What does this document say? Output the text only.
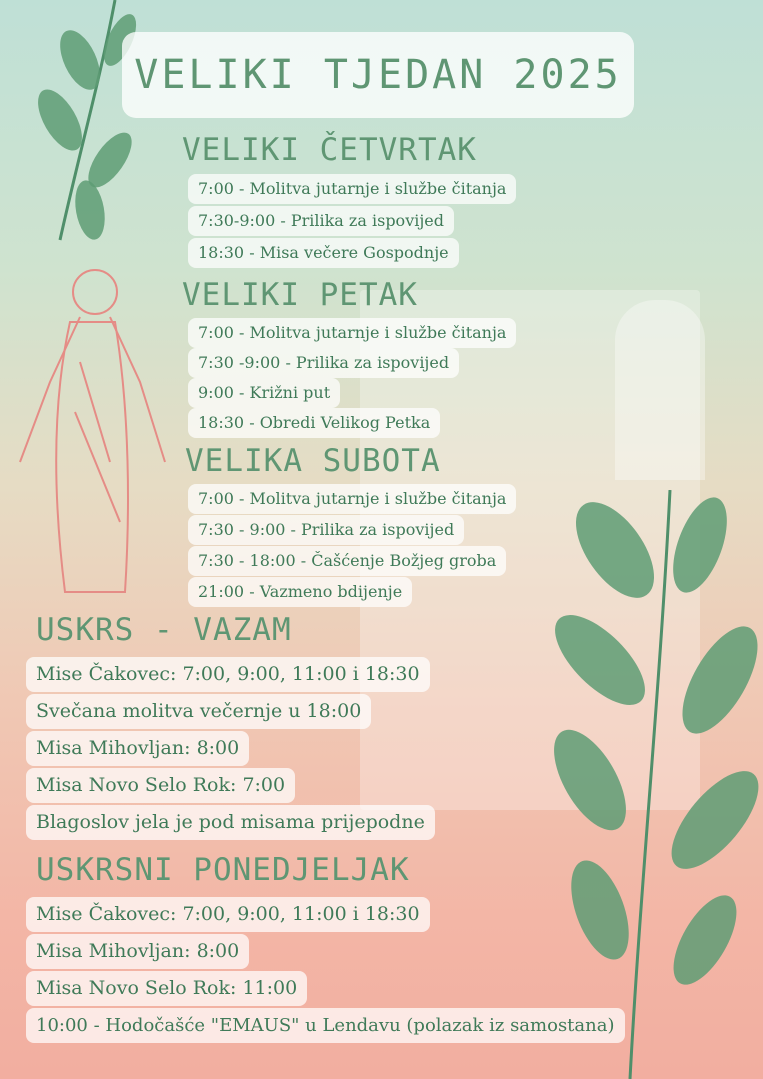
VELIKI TJEDAN 2025
VELIKI ČETVRTAK
7:00 - Molitva jutarnje i službe čitanja
7:30-9:00 - Prilika za ispovijed
18:30 - Misa večere Gospodnje
VELIKI PETAK
7:00 - Molitva jutarnje i službe čitanja
7:30 -9:00 - Prilika za ispovijed
9:00 - Križni put
18:30 - Obredi Velikog Petka
VELIKA SUBOTA
7:00 - Molitva jutarnje i službe čitanja
7:30 - 9:00 - Prilika za ispovijed
7:30 - 18:00 - Čašćenje Božjeg groba
21:00 - Vazmeno bdijenje
USKRS - VAZAM
Mise Čakovec: 7:00, 9:00, 11:00 i 18:30
Svečana molitva večernje u 18:00
Misa Mihovljan: 8:00
Misa Novo Selo Rok: 7:00
Blagoslov jela je pod misama prijepodne
USKRSNI PONEDJELJAK
Mise Čakovec: 7:00, 9:00, 11:00 i 18:30
Misa Mihovljan: 8:00
Misa Novo Selo Rok: 11:00
10:00 - Hodočašće "EMAUS" u Lendavu (polazak iz samostana)
